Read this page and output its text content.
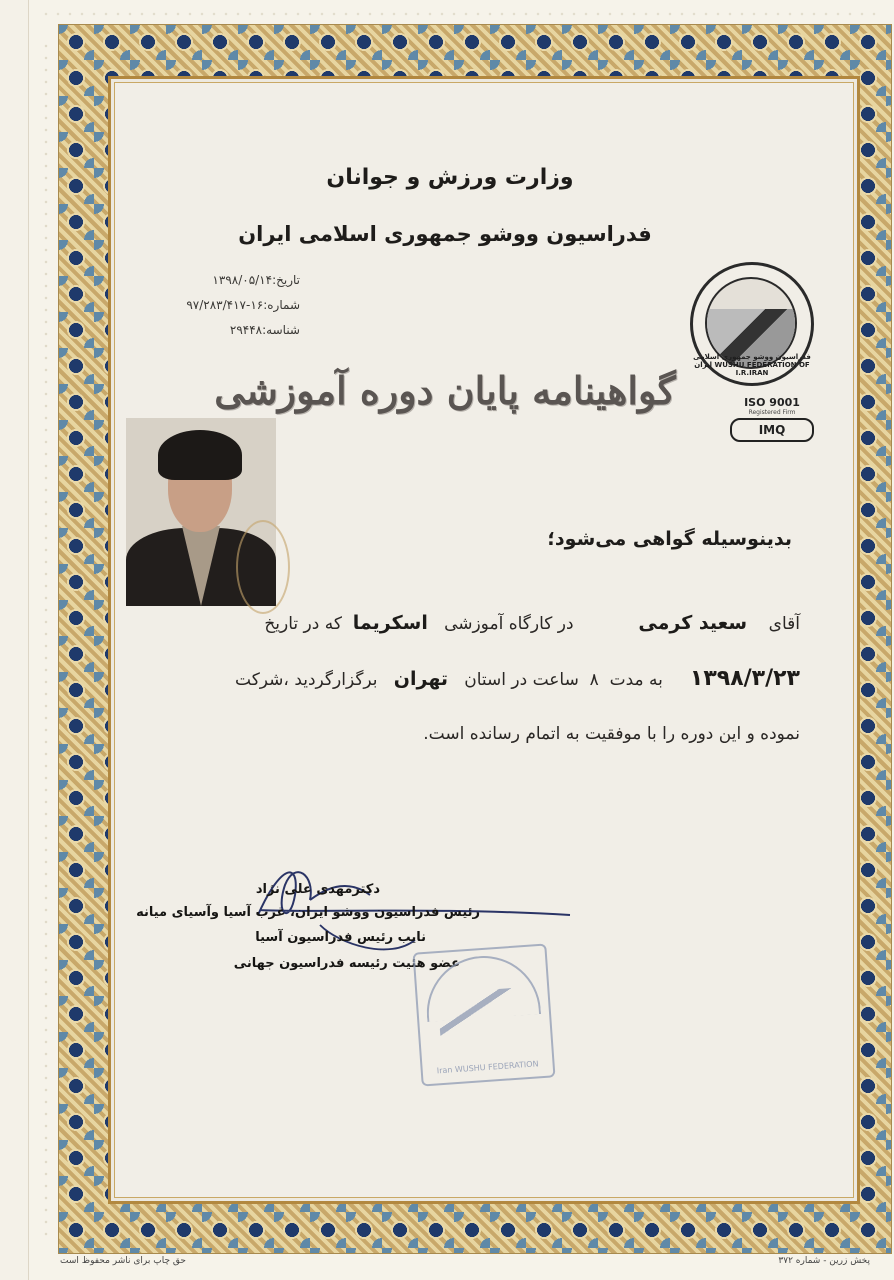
وزارت ورزش و جوانان
فدراسیون ووشو جمهوری اسلامی ایران
تاریخ:۱۳۹۸/۰۵/۱۴
شماره:۱۶-۹۷/۲۸۳/۴۱۷
شناسه:۲۹۴۴۸
فدراسیون ووشو جمهوری اسلامی ایران WUSHU FEDERATION OF I.R.IRAN
ISO 9001
Registered Firm
IMQ
گواهینامه پایان دوره آموزشی
بدینوسیله گواهی می‌شود؛
آقای    سعید کرمی            در کارگاه آموزشی   اسکریما  که در تاریخ
۱۳۹۸/۳/۲۳     به مدت  ۸  ساعت در استان   تهران   برگزارگردید ،شرکت
نموده و این دوره را با موفقیت به اتمام رسانده است.
دکترمهدی علی نژاد
رئیس فدراسیون ووشو ایران، غرب آسیا وآسیای میانه
نایب رئیس فدراسیون آسیا
عضو هئیت رئیسه فدراسیون جهانی
Iran WUSHU FEDERATION
حق چاپ برای ناشر محفوظ است	پخش زرین - شماره ۳۷۲
